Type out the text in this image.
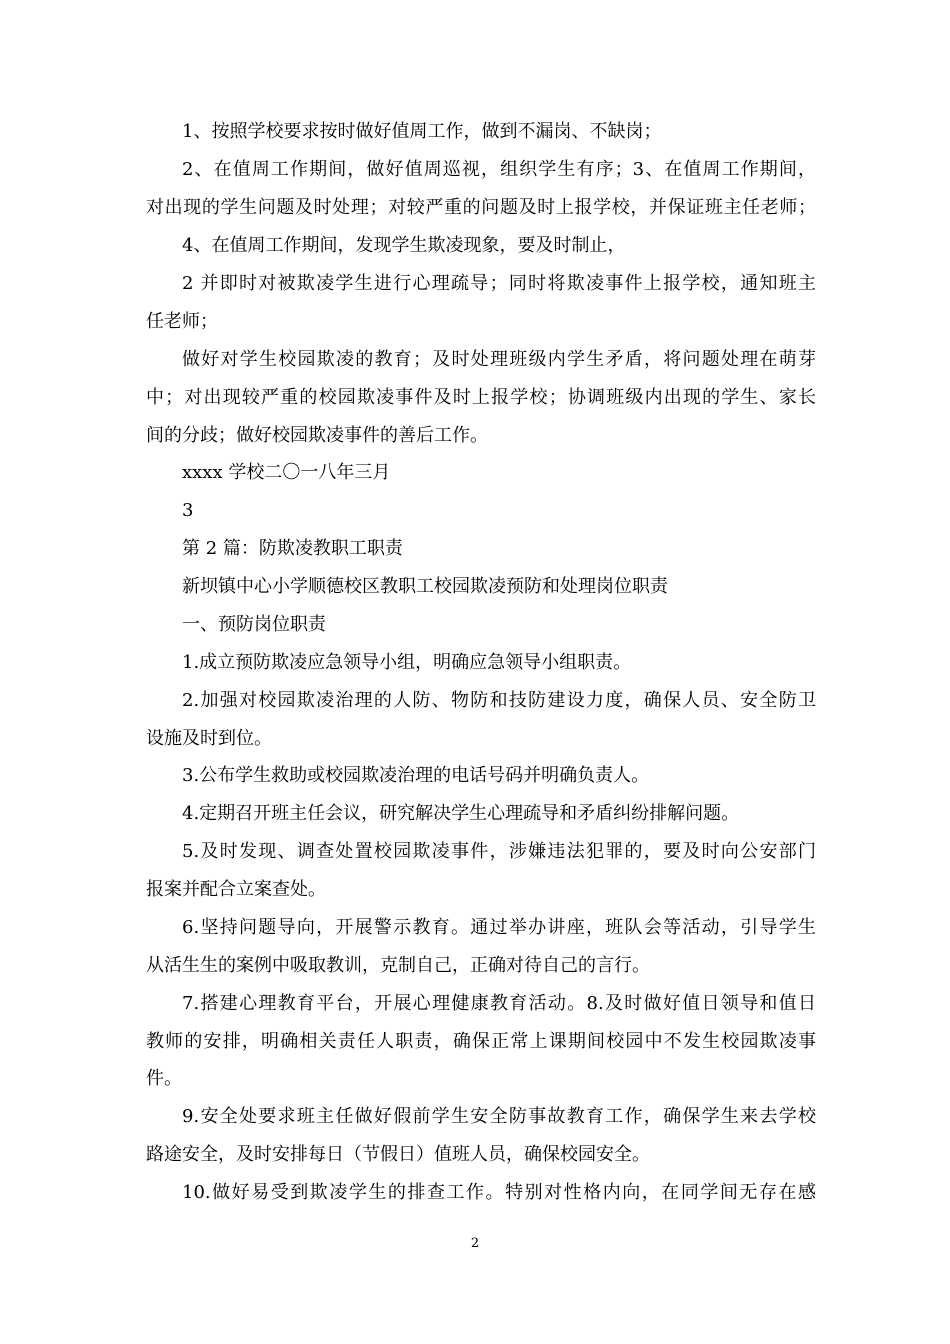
1、按照学校要求按时做好值周工作，做到不漏岗、不缺岗；
2、在值周工作期间，做好值周巡视，组织学生有序；3、在值周工作期间，
对出现的学生问题及时处理；对较严重的问题及时上报学校，并保证班主任老师；
4、在值周工作期间，发现学生欺凌现象，要及时制止，
2 并即时对被欺凌学生进行心理疏导；同时将欺凌事件上报学校，通知班主
任老师；
做好对学生校园欺凌的教育；及时处理班级内学生矛盾，将问题处理在萌芽
中；对出现较严重的校园欺凌事件及时上报学校；协调班级内出现的学生、家长
间的分歧；做好校园欺凌事件的善后工作。
xxxx 学校二〇一八年三月
3
第 2 篇：防欺凌教职工职责
新坝镇中心小学顺德校区教职工校园欺凌预防和处理岗位职责
一、预防岗位职责
1.成立预防欺凌应急领导小组，明确应急领导小组职责。
2.加强对校园欺凌治理的人防、物防和技防建设力度，确保人员、安全防卫
设施及时到位。
3.公布学生救助或校园欺凌治理的电话号码并明确负责人。
4.定期召开班主任会议，研究解决学生心理疏导和矛盾纠纷排解问题。
5.及时发现、调查处置校园欺凌事件，涉嫌违法犯罪的，要及时向公安部门
报案并配合立案查处。
6.坚持问题导向，开展警示教育。通过举办讲座，班队会等活动，引导学生
从活生生的案例中吸取教训，克制自己，正确对待自己的言行。
7.搭建心理教育平台，开展心理健康教育活动。8.及时做好值日领导和值日
教师的安排，明确相关责任人职责，确保正常上课期间校园中不发生校园欺凌事
件。
9.安全处要求班主任做好假前学生安全防事故教育工作，确保学生来去学校
路途安全，及时安排每日（节假日）值班人员，确保校园安全。
10.做好易受到欺凌学生的排查工作。特别对性格内向，在同学间无存在感
2
